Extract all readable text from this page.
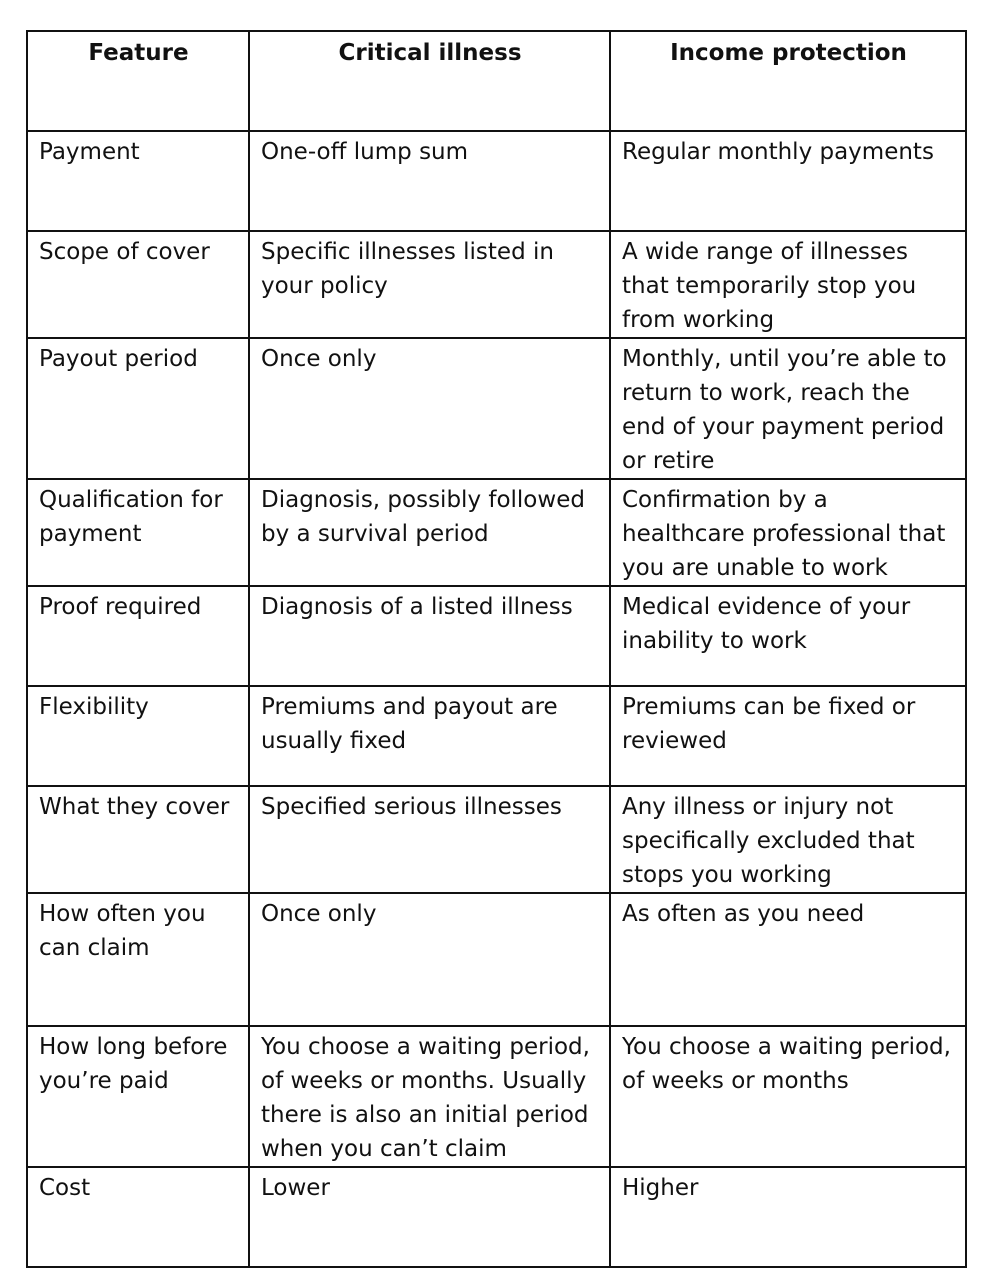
Feature	Critical illness	Income protection
Payment	One-off lump sum	Regular monthly payments
Scope of cover	Specific illnesses listed in your policy	A wide range of illnesses that temporarily stop you from working
Payout period	Once only	Monthly, until you’re able to return to work, reach the end of your payment period or retire
Qualification for payment	Diagnosis, possibly followed by a survival period	Confirmation by a healthcare professional that you are unable to work
Proof required	Diagnosis of a listed illness	Medical evidence of your inability to work
Flexibility	Premiums and payout are usually fixed	Premiums can be fixed or reviewed
What they cover	Specified serious illnesses	Any illness or injury not specifically excluded that stops you working
How often you can claim	Once only	As often as you need
How long before you’re paid	You choose a waiting period, of weeks or months. Usually there is also an initial period when you can’t claim	You choose a waiting period, of weeks or months
Cost	Lower	Higher
